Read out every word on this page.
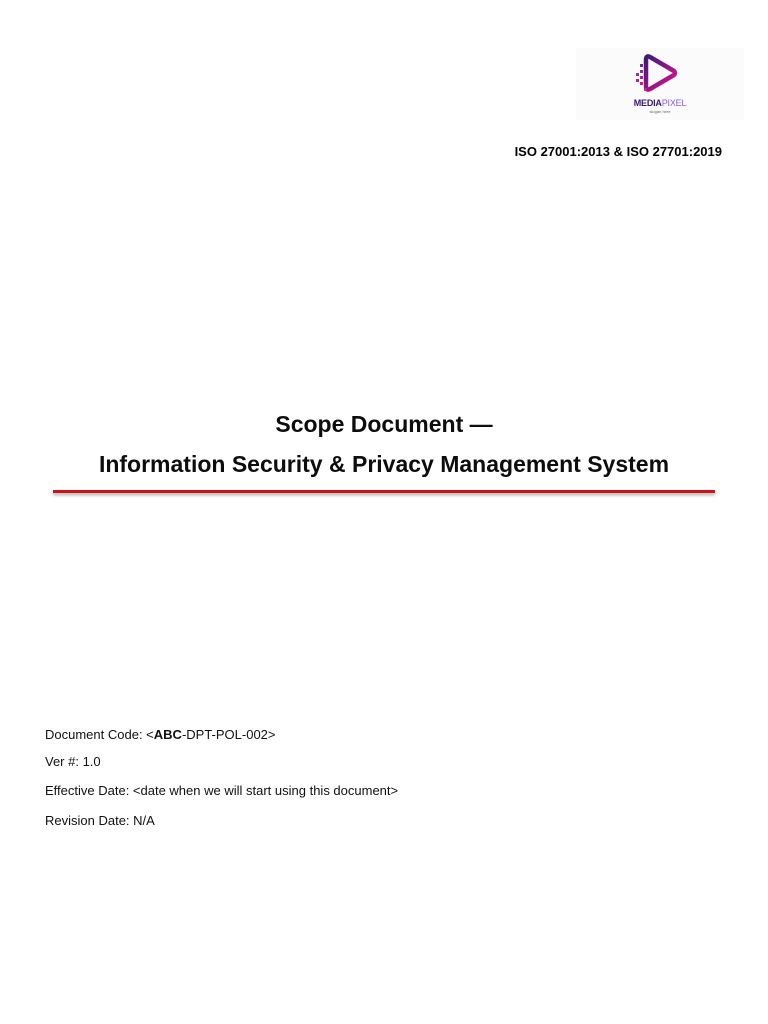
MEDIAPIXEL
slogan here
ISO 27001:2013 & ISO 27701:2019
Scope Document —
Information Security & Privacy Management System
Document Code: <ABC-DPT-POL-002>
Ver #: 1.0
Effective Date: <date when we will start using this document>
Revision Date: N/A
